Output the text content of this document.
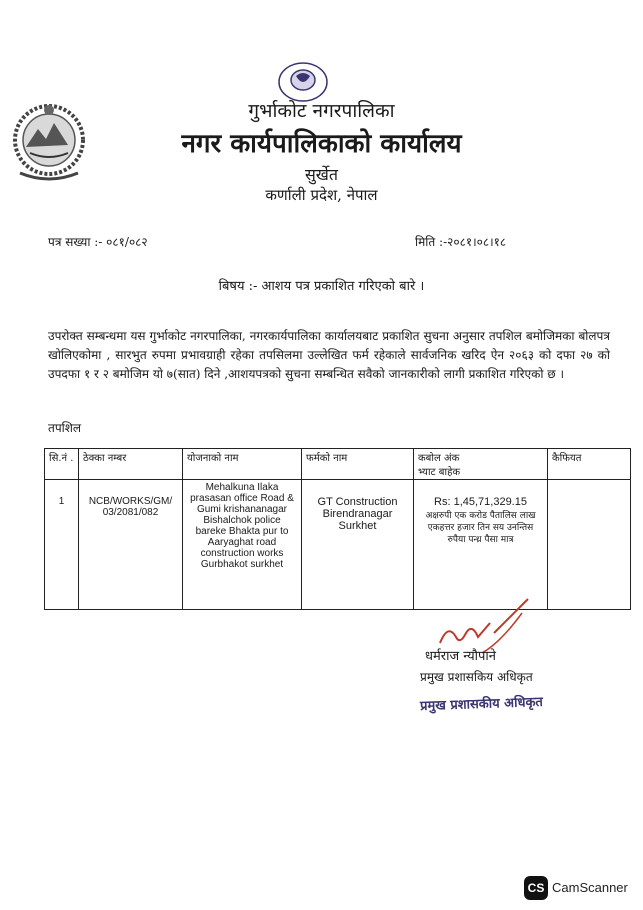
गुर्भाकोट नगरपालिका
नगर कार्यपालिकाको कार्यालय
सुर्खेत
कर्णाली प्रदेश, नेपाल
पत्र सख्या :- ०८१/०८२	मिति :-२०८१।०८।१८
बिषय :- आशय पत्र प्रकाशित गरिएको बारे ।
उपरोक्त सम्बन्धमा यस गुर्भाकोट नगरपालिका, नगरकार्यपालिका कार्यालयबाट प्रकाशित सुचना अनुसार तपशिल बमोजिमका बोलपत्र खोलिएकोमा , सारभुत रुपमा प्रभावग्राही रहेका तपसिलमा उल्लेखित फर्म रहेकाले सार्वजनिक खरिद ऐन २०६३ को दफा २७ को उपदफा १ र २ बमोजिम यो ७(सात) दिने ,आशयपत्रको सुचना सम्बन्धित सवैको जानकारीको लागी प्रकाशित गरिएको छ ।
तपशिल
सि.नं .	ठेक्का नम्बर	योजनाको नाम	फर्मको नाम	कबोल अंक
भ्याट बाहेक	कैफियत
1	NCB/WORKS/GM/ 03/2081/082	Mehalkuna Ilaka prasasan office Road & Gumi krishananagar Bishalchok police bareke Bhakta pur to Aaryaghat road construction works Gurbhakot surkhet	GT Construction Birendranagar Surkhet	Rs: 1,45,71,329.15
अक्षरुपी एक करोड पैतालिस लाख एकहत्तर हजार तिन सय उनन्तिस रुपैया पन्ध्र पैसा मात्र	

धर्मराज न्यौपाने
प्रमुख प्रशासकिय अधिकृत
प्रमुख प्रशासकीय अधिकृत
CS CamScanner
